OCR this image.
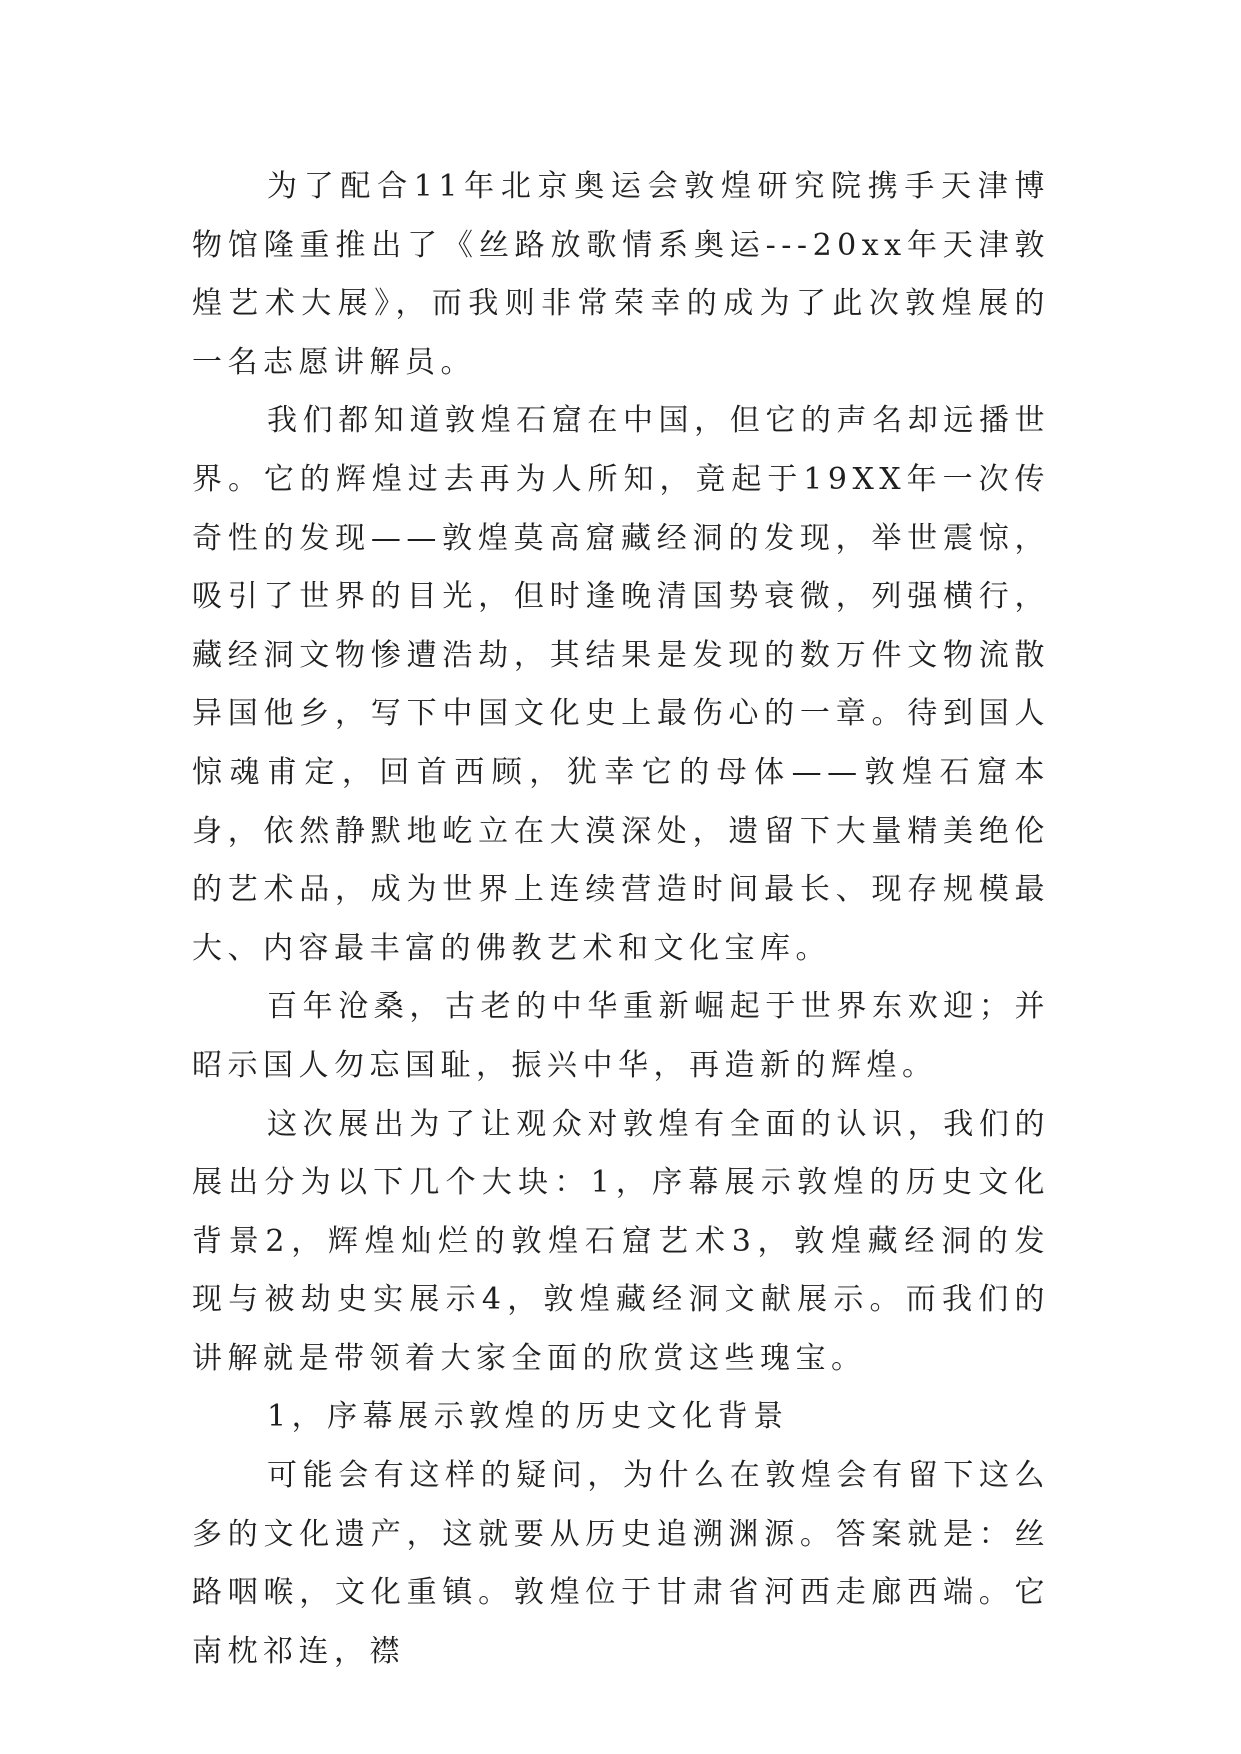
为了配合11年北京奥运会敦煌研究院携手天津博物馆隆重推出了《丝路放歌情系奥运---20xx年天津敦煌艺术大展》，而我则非常荣幸的成为了此次敦煌展的一名志愿讲解员。

我们都知道敦煌石窟在中国，但它的声名却远播世界。它的辉煌过去再为人所知，竟起于19XX年一次传奇性的发现——敦煌莫高窟藏经洞的发现，举世震惊，吸引了世界的目光，但时逢晚清国势衰微，列强横行，藏经洞文物惨遭浩劫，其结果是发现的数万件文物流散异国他乡，写下中国文化史上最伤心的一章。待到国人惊魂甫定，回首西顾，犹幸它的母体——敦煌石窟本身，依然静默地屹立在大漠深处，遗留下大量精美绝伦的艺术品，成为世界上连续营造时间最长、现存规模最大、内容最丰富的佛教艺术和文化宝库。

百年沧桑，古老的中华重新崛起于世界东欢迎；并昭示国人勿忘国耻，振兴中华，再造新的辉煌。

这次展出为了让观众对敦煌有全面的认识，我们的展出分为以下几个大块：1，序幕展示敦煌的历史文化背景2，辉煌灿烂的敦煌石窟艺术3，敦煌藏经洞的发现与被劫史实展示4，敦煌藏经洞文献展示。而我们的讲解就是带领着大家全面的欣赏这些瑰宝。

1，序幕展示敦煌的历史文化背景

可能会有这样的疑问，为什么在敦煌会有留下这么多的文化遗产，这就要从历史追溯渊源。答案就是：丝路咽喉，文化重镇。敦煌位于甘肃省河西走廊西端。它南枕祁连，襟
